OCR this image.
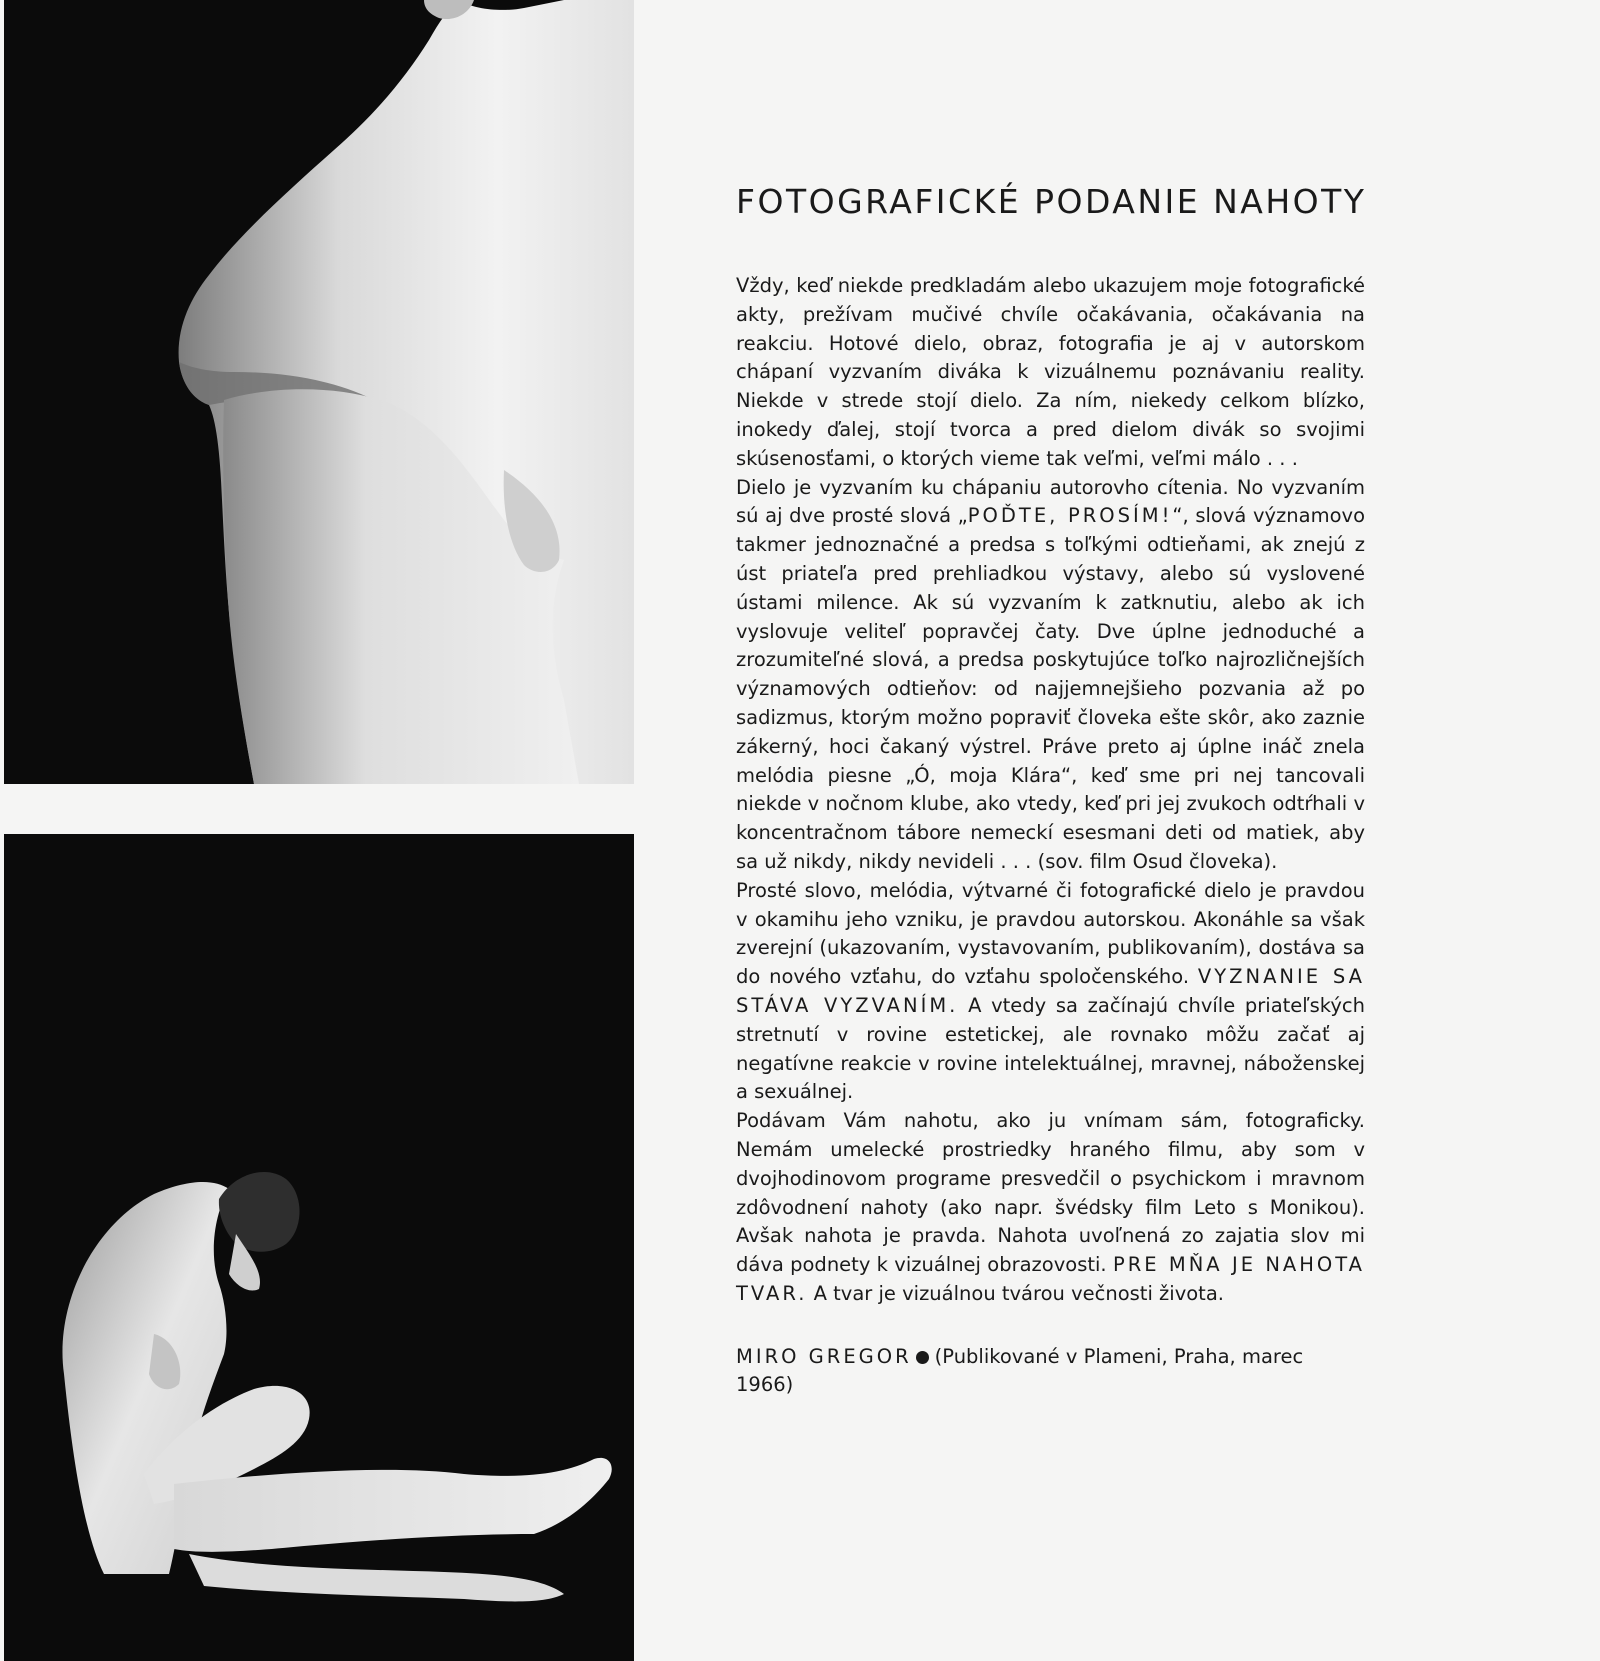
FOTOGRAFICKÉ PODANIE NAHOTY

Vždy, keď niekde predkladám alebo ukazujem moje fotografické akty, prežívam mučivé chvíle očakávania, očakávania na reakciu. Hotové dielo, obraz, fotografia je aj v autorskom chápaní vyzvaním diváka k vizuálnemu poznávaniu reality. Niekde v strede stojí dielo. Za ním, niekedy celkom blízko, inokedy ďalej, stojí tvorca a pred dielom divák so svojimi skúsenosťami, o ktorých vieme tak veľmi, veľmi málo . . .

Dielo je vyzvaním ku chápaniu autorovho cítenia. No vyzvaním sú aj dve prosté slová „POĎTE, PROSÍM!“, slová významovo takmer jednoznačné a predsa s toľkými odtieňami, ak znejú z úst priateľa pred prehliadkou výstavy, alebo sú vyslovené ústami milence. Ak sú vyzvaním k zatknutiu, alebo ak ich vyslovuje veliteľ popravčej čaty. Dve úplne jednoduché a zrozumiteľné slová, a predsa poskytujúce toľko najrozličnejších významových odtieňov: od najjemnejšieho pozvania až po sadizmus, ktorým možno popraviť človeka ešte skôr, ako zaznie zákerný, hoci čakaný výstrel. Práve preto aj úplne ináč znela melódia piesne „Ó, moja Klára“, keď sme pri nej tancovali niekde v nočnom klube, ako vtedy, keď pri jej zvukoch odtŕhali v koncentračnom tábore nemeckí esesmani deti od matiek, aby sa už nikdy, nikdy nevideli . . . (sov. film Osud človeka).

Prosté slovo, melódia, výtvarné či fotografické dielo je pravdou v okamihu jeho vzniku, je pravdou autorskou. Akonáhle sa však zverejní (ukazovaním, vystavovaním, publikovaním), dostáva sa do nového vzťahu, do vzťahu spoločenského. VYZNANIE SA STÁVA VYZVANÍM. A vtedy sa začínajú chvíle priateľských stretnutí v rovine estetickej, ale rovnako môžu začať aj negatívne reakcie v rovine intelektuálnej, mravnej, náboženskej a sexuálnej.

Podávam Vám nahotu, ako ju vnímam sám, fotograficky. Nemám umelecké prostriedky hraného filmu, aby som v dvojhodinovom programe presvedčil o psychickom i mravnom zdôvodnení nahoty (ako napr. švédsky film Leto s Monikou). Avšak nahota je pravda. Nahota uvoľnená zo zajatia slov mi dáva podnety k vizuálnej obrazovosti. PRE MŇA JE NAHOTA TVAR. A tvar je vizuálnou tvárou večnosti života.

MIRO GREGOR (Publikované v Plameni, Praha, marec 1966)
